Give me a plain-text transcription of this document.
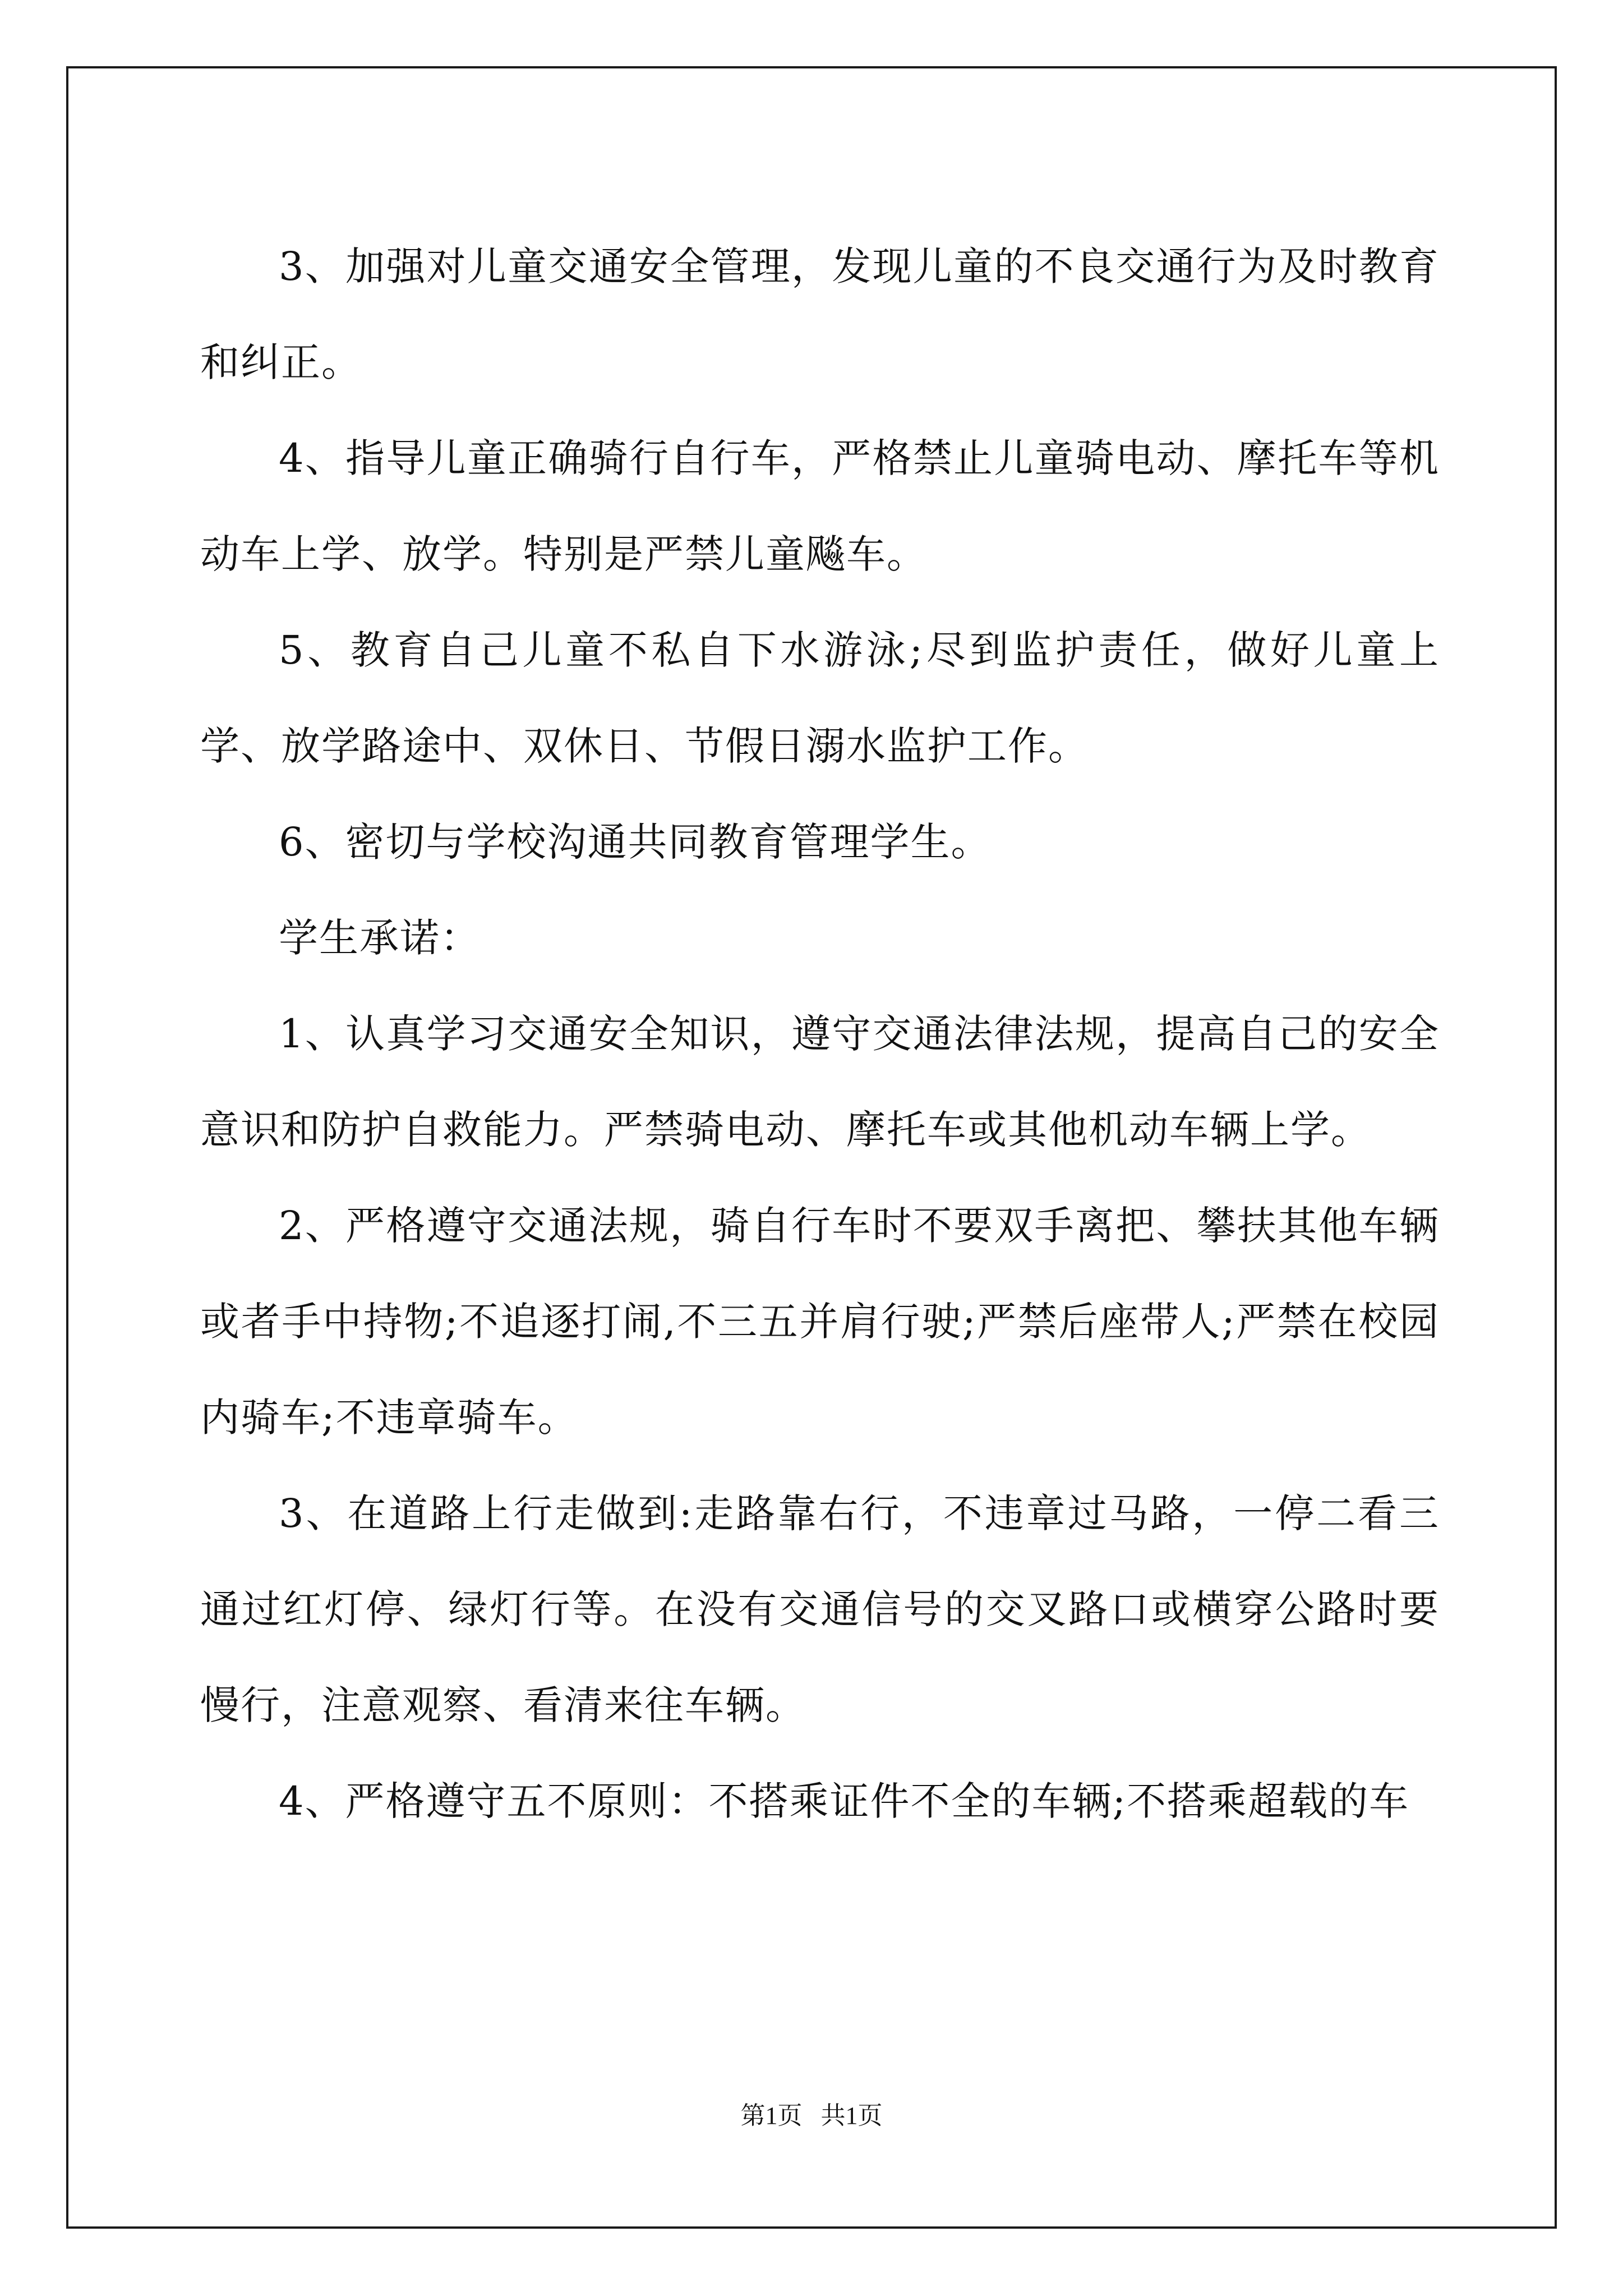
3、加强对儿童交通安全管理，发现儿童的不良交通行为及时教育和纠正。

4、指导儿童正确骑行自行车，严格禁止儿童骑电动、摩托车等机动车上学、放学。特别是严禁儿童飚车。

5、教育自己儿童不私自下水游泳;尽到监护责任，做好儿童上学、放学路途中、双休日、节假日溺水监护工作。

6、密切与学校沟通共同教育管理学生。

学生承诺：

1、认真学习交通安全知识，遵守交通法律法规，提高自己的安全意识和防护自救能力。严禁骑电动、摩托车或其他机动车辆上学。

2、严格遵守交通法规，骑自行车时不要双手离把、攀扶其他车辆或者手中持物;不追逐打闹,不三五并肩行驶;严禁后座带人;严禁在校园内骑车;不违章骑车。

3、在道路上行走做到:走路靠右行，不违章过马路，一停二看三通过红灯停、绿灯行等。在没有交通信号的交叉路口或横穿公路时要慢行，注意观察、看清来往车辆。

4、严格遵守五不原则：不搭乘证件不全的车辆;不搭乘超载的车

第1页 共1页
